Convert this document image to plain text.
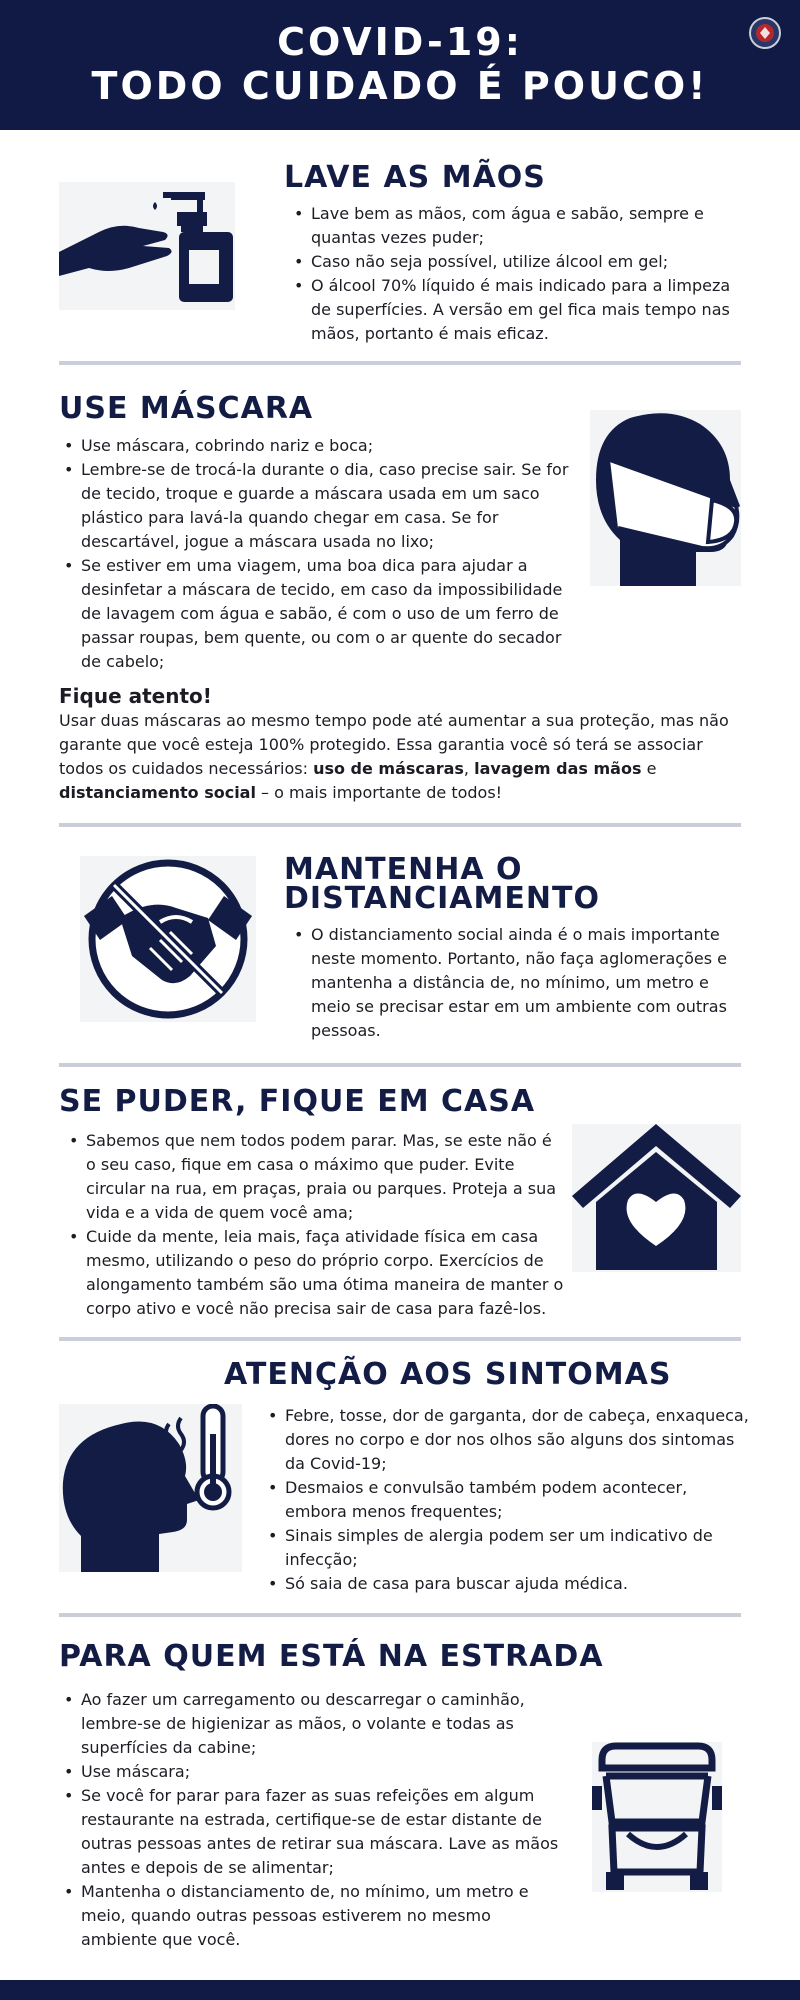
COVID-19:
TODO CUIDADO É POUCO!
LAVE AS MÃOS
• Lave bem as mãos, com água e sabão, sempre e quantas vezes puder;
• Caso não seja possível, utilize álcool em gel;
• O álcool 70% líquido é mais indicado para a limpeza de superfícies. A versão em gel fica mais tempo nas mãos, portanto é mais eficaz.
USE MÁSCARA
• Use máscara, cobrindo nariz e boca;
• Lembre-se de trocá-la durante o dia, caso precise sair. Se for de tecido, troque e guarde a máscara usada em um saco plástico para lavá-la quando chegar em casa. Se for descartável, jogue a máscara usada no lixo;
• Se estiver em uma viagem, uma boa dica para ajudar a desinfetar a máscara de tecido, em caso da impossibilidade de lavagem com água e sabão, é com o uso de um ferro de passar roupas, bem quente, ou com o ar quente do secador de cabelo;
Fique atento!
Usar duas máscaras ao mesmo tempo pode até aumentar a sua proteção, mas não garante que você esteja 100% protegido. Essa garantia você só terá se associar todos os cuidados necessários: uso de máscaras, lavagem das mãos e distanciamento social – o mais importante de todos!
MANTENHA O
DISTANCIAMENTO
• O distanciamento social ainda é o mais importante neste momento. Portanto, não faça aglomerações e mantenha a distância de, no mínimo, um metro e meio se precisar estar em um ambiente com outras pessoas.
SE PUDER, FIQUE EM CASA
• Sabemos que nem todos podem parar. Mas, se este não é o seu caso, fique em casa o máximo que puder. Evite circular na rua, em praças, praia ou parques. Proteja a sua vida e a vida de quem você ama;
• Cuide da mente, leia mais, faça atividade física em casa mesmo, utilizando o peso do próprio corpo. Exercícios de alongamento também são uma ótima maneira de manter o corpo ativo e você não precisa sair de casa para fazê-los.
ATENÇÃO AOS SINTOMAS
• Febre, tosse, dor de garganta, dor de cabeça, enxaqueca, dores no corpo e dor nos olhos são alguns dos sintomas da Covid-19;
• Desmaios e convulsão também podem acontecer, embora menos frequentes;
• Sinais simples de alergia podem ser um indicativo de infecção;
• Só saia de casa para buscar ajuda médica.
PARA QUEM ESTÁ NA ESTRADA
• Ao fazer um carregamento ou descarregar o caminhão, lembre-se de higienizar as mãos, o volante e todas as superfícies da cabine;
• Use máscara;
• Se você for parar para fazer as suas refeições em algum restaurante na estrada, certifique-se de estar distante de outras pessoas antes de retirar sua máscara. Lave as mãos antes e depois de se alimentar;
• Mantenha o distanciamento de, no mínimo, um metro e meio, quando outras pessoas estiverem no mesmo ambiente que você.
